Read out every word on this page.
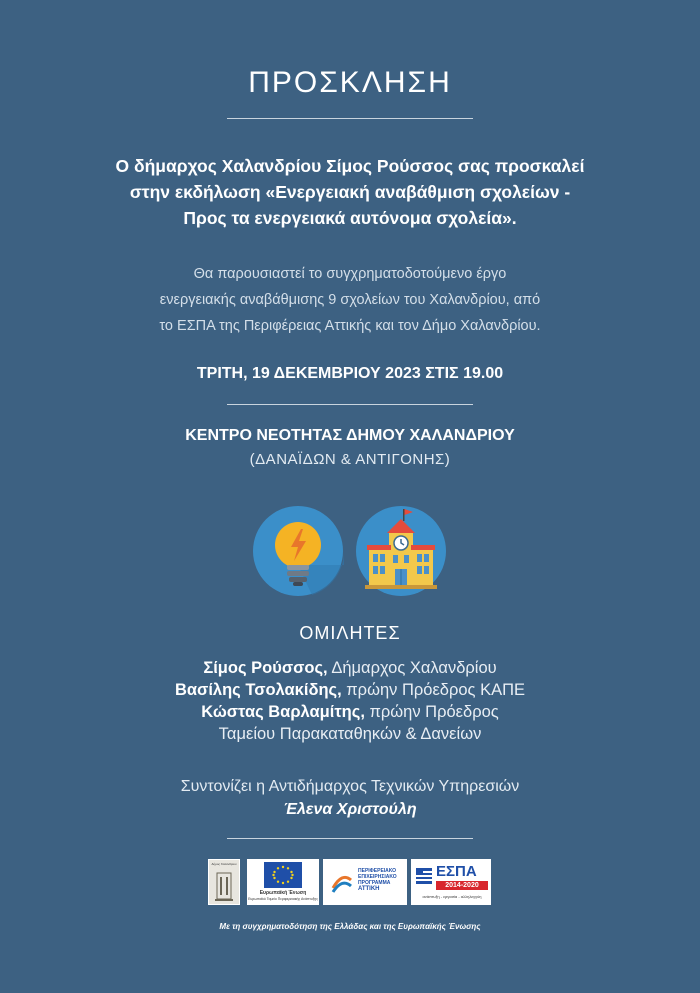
ΠΡΟΣΚΛΗΣΗ
Ο δήμαρχος Χαλανδρίου Σίμος Ρούσσος σας προσκαλεί
στην εκδήλωση «Ενεργειακή αναβάθμιση σχολείων -
Προς τα ενεργειακά αυτόνομα σχολεία».
Θα παρουσιαστεί το συγχρηματοδοτούμενο έργο
ενεργειακής αναβάθμισης 9 σχολείων του Χαλανδρίου, από
το ΕΣΠΑ της Περιφέρειας Αττικής και τον Δήμο Χαλανδρίου.
ΤΡΙΤΗ, 19 ΔΕΚΕΜΒΡΙΟΥ 2023 ΣΤΙΣ 19.00
ΚΕΝΤΡΟ ΝΕΟΤΗΤΑΣ ΔΗΜΟΥ ΧΑΛΑΝΔΡΙΟΥ
(ΔΑΝΑΪΔΩΝ & ΑΝΤΙΓΟΝΗΣ)
ΟΜΙΛΗΤΕΣ
Σίμος Ρούσσος, Δήμαρχος Χαλανδρίου
Βασίλης Τσολακίδης, πρώην Πρόεδρος ΚΑΠΕ
Κώστας Βαρλαμίτης, πρώην Πρόεδρος
Ταμείου Παρακαταθηκών & Δανείων
Συντονίζει η Αντιδήμαρχος Τεχνικών Υπηρεσιών
Έλενα Χριστούλη
Δήμος Χαλανδρίου
Ευρωπαϊκή Ένωση
Ευρωπαϊκό Ταμείο Περιφερειακής Ανάπτυξης
ΠΕΡΙΦΕΡΕΙΑΚΟ
ΕΠΙΧΕΙΡΗΣΙΑΚΟ
ΠΡΟΓΡΑΜΜΑ
ΑΤΤΙΚΗ
ΕΣΠΑ
2014-2020
ανάπτυξη - εργασία - αλληλεγγύη
Με τη συγχρηματοδότηση της Ελλάδας και της Ευρωπαϊκής Ένωσης
